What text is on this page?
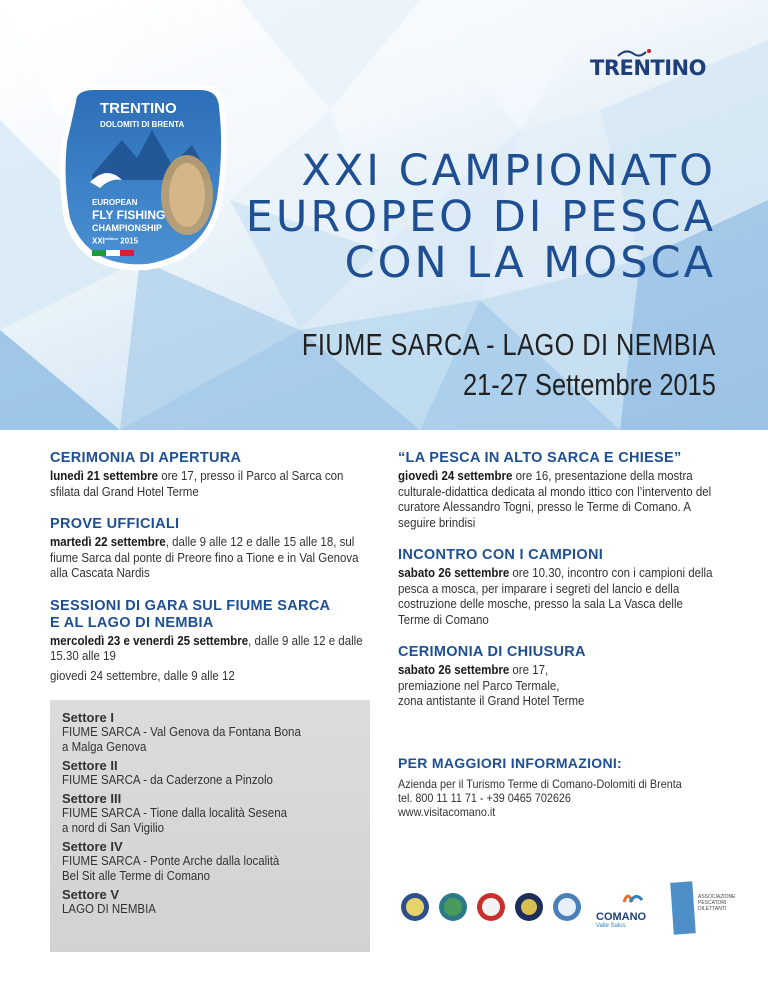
TRENTINO
TRENTINO
DOLOMITI DI BRENTA
EUROPEAN
FLY FISHING
CHAMPIONSHIP
$XXI^{edition}$ 2015
XXI CAMPIONATO
EUROPEO DI PESCA
CON LA MOSCA
FIUME SARCA - LAGO DI NEMBIA
21-27 Settembre 2015
CERIMONIA DI APERTURA

lunedì 21 settembre ore 17, presso il Parco al Sarca con sfilata dal Grand Hotel Terme

PROVE UFFICIALI

martedì 22 settembre, dalle 9 alle 12 e dalle 15 alle 18, sul fiume Sarca dal ponte di Preore fino a Tione e in Val Genova alla Cascata Nardis

SESSIONI DI GARA SUL FIUME SARCA
E AL LAGO DI NEMBIA

mercoledì 23 e venerdì 25 settembre, dalle 9 alle 12 e dalle 15.30 alle 19

giovedì 24 settembre, dalle 9 alle 12

Settore I
FIUME SARCA - Val Genova da Fontana Bona
a Malga Genova
Settore II
FIUME SARCA - da Caderzone a Pinzolo
Settore III
FIUME SARCA - Tione dalla località Sesena
a nord di San Vigilio
Settore IV
FIUME SARCA - Ponte Arche dalla località
Bel Sit alle Terme di Comano
Settore V
LAGO DI NEMBIA
“LA PESCA IN ALTO SARCA E CHIESE”

giovedì 24 settembre ore 16, presentazione della mostra culturale-didattica dedicata al mondo ittico con l’intervento del curatore Alessandro Togni, presso le Terme di Comano. A seguire brindisi

INCONTRO CON I CAMPIONI

sabato 26 settembre ore 10.30, incontro con i campioni della pesca a mosca, per imparare i segreti del lancio e della costruzione delle mosche, presso la sala La Vasca delle Terme di Comano

CERIMONIA DI CHIUSURA

sabato 26 settembre ore 17,

premiazione nel Parco Termale,

zona antistante il Grand Hotel Terme

PER MAGGIORI INFORMAZIONI:

Azienda per il Turismo Terme di Comano-Dolomiti di Brenta

tel. 800 11 11 71 - +39 0465 702626

www.visitacomano.it

COMANO
Valle Salus
ASSOCIAZIONE PESCATORI DILETTANTI
